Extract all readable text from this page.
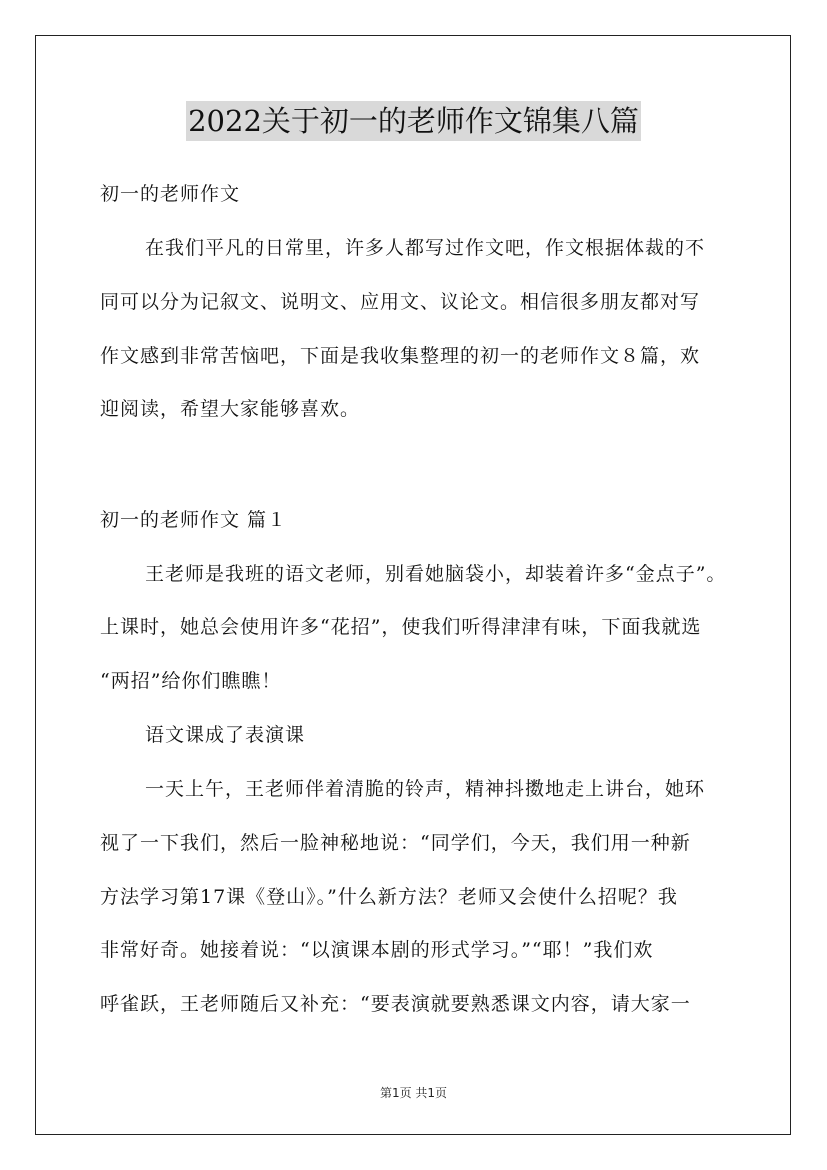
2022关于初一的老师作文锦集八篇
初一的老师作文
在我们平凡的日常里，许多人都写过作文吧，作文根据体裁的不
同可以分为记叙文、说明文、应用文、议论文。相信很多朋友都对写
作文感到非常苦恼吧，下面是我收集整理的初一的老师作文８篇，欢
迎阅读，希望大家能够喜欢。
初一的老师作文 篇１
王老师是我班的语文老师，别看她脑袋小，却装着许多“金点子”。
上课时，她总会使用许多“花招”，使我们听得津津有味，下面我就选
“两招”给你们瞧瞧！
语文课成了表演课
一天上午，王老师伴着清脆的铃声，精神抖擞地走上讲台，她环
视了一下我们，然后一脸神秘地说：“同学们，今天，我们用一种新
方法学习第17课《登山》。”什么新方法？老师又会使什么招呢？我
非常好奇。她接着说：“以演课本剧的形式学习。”“耶！”我们欢
呼雀跃，王老师随后又补充：“要表演就要熟悉课文内容，请大家一
第1页 共1页
